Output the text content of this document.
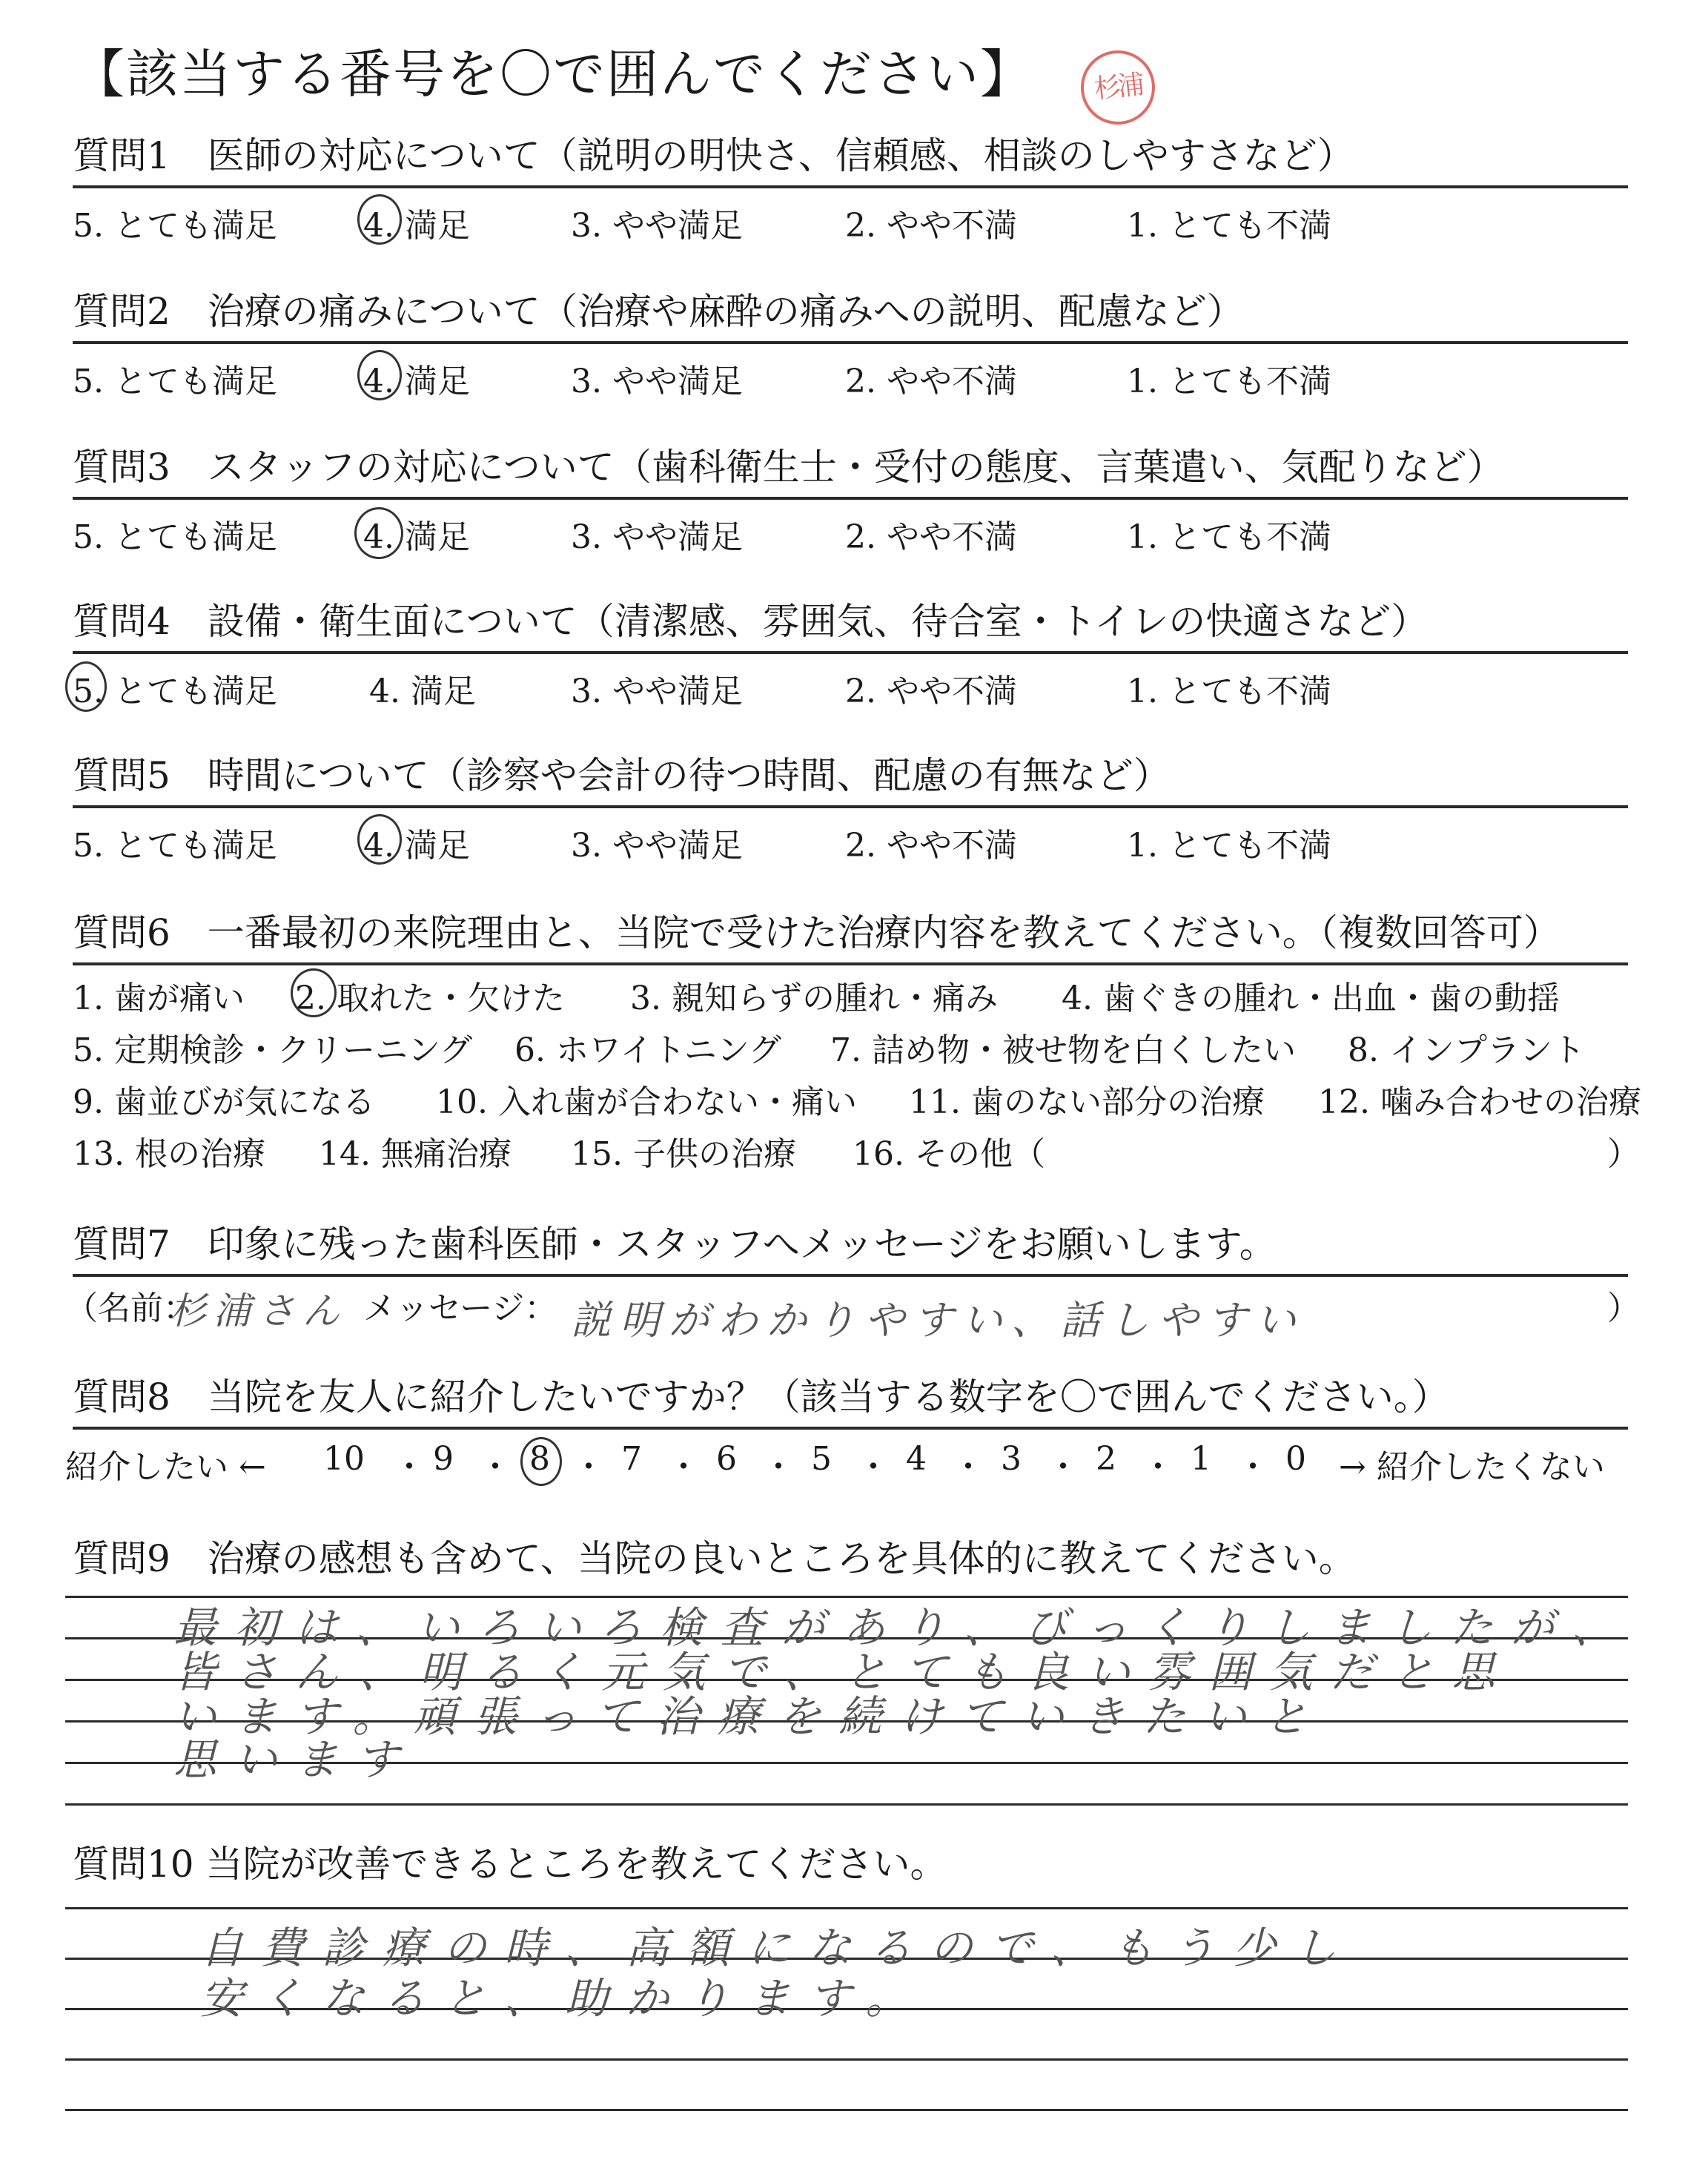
【該当する番号を〇で囲んでください】	杉浦
質問1　医師の対応について（説明の明快さ、信頼感、相談のしやすさなど）
5. とても満足	4. 満足	3. やや満足	2. やや不満	1. とても不満
質問2　治療の痛みについて（治療や麻酔の痛みへの説明、配慮など）
5. とても満足	4. 満足	3. やや満足	2. やや不満	1. とても不満
質問3　スタッフの対応について（歯科衛生士・受付の態度、言葉遣い、気配りなど）
5. とても満足	4. 満足	3. やや満足	2. やや不満	1. とても不満
質問4　設備・衛生面について（清潔感、雰囲気、待合室・トイレの快適さなど）
5. とても満足	4. 満足	3. やや満足	2. やや不満	1. とても不満
質問5　時間について（診察や会計の待つ時間、配慮の有無など）
5. とても満足	4. 満足	3. やや満足	2. やや不満	1. とても不満
質問6　一番最初の来院理由と、当院で受けた治療内容を教えてください。（複数回答可）
1. 歯が痛い 2. 取れた・欠けた 3. 親知らずの腫れ・痛み 4. 歯ぐきの腫れ・出血・歯の動揺
5. 定期検診・クリーニング 6. ホワイトニング 7. 詰め物・被せ物を白くしたい 8. インプラント
9. 歯並びが気になる 10. 入れ歯が合わない・痛い 11. 歯のない部分の治療 12. 噛み合わせの治療
13. 根の治療 14. 無痛治療 15. 子供の治療 16. その他（	）
質問7　印象に残った歯科医師・スタッフへメッセージをお願いします。
（名前：	メッセージ：	）
杉浦さん	説明がわかりやすい、話しやすい
質問8　当院を友人に紹介したいですか？（該当する数字を〇で囲んでください。）
紹介したい ← 10 ・ 9 ・ 8 ・ 7 ・ 6 ・ 5 ・ 4 ・ 3 ・ 2 ・ 1 ・ 0 → 紹介したくない
質問9　治療の感想も含めて、当院の良いところを具体的に教えてください。
最初は、いろいろ検査があり、びっくりしましたが、
皆さん、明るく元気で、とても良い雰囲気だと思
います。頑張って治療を続けていきたいと
思います
質問10 当院が改善できるところを教えてください。
自費診療の時、高額になるので、もう少し
安くなると、助かります。
